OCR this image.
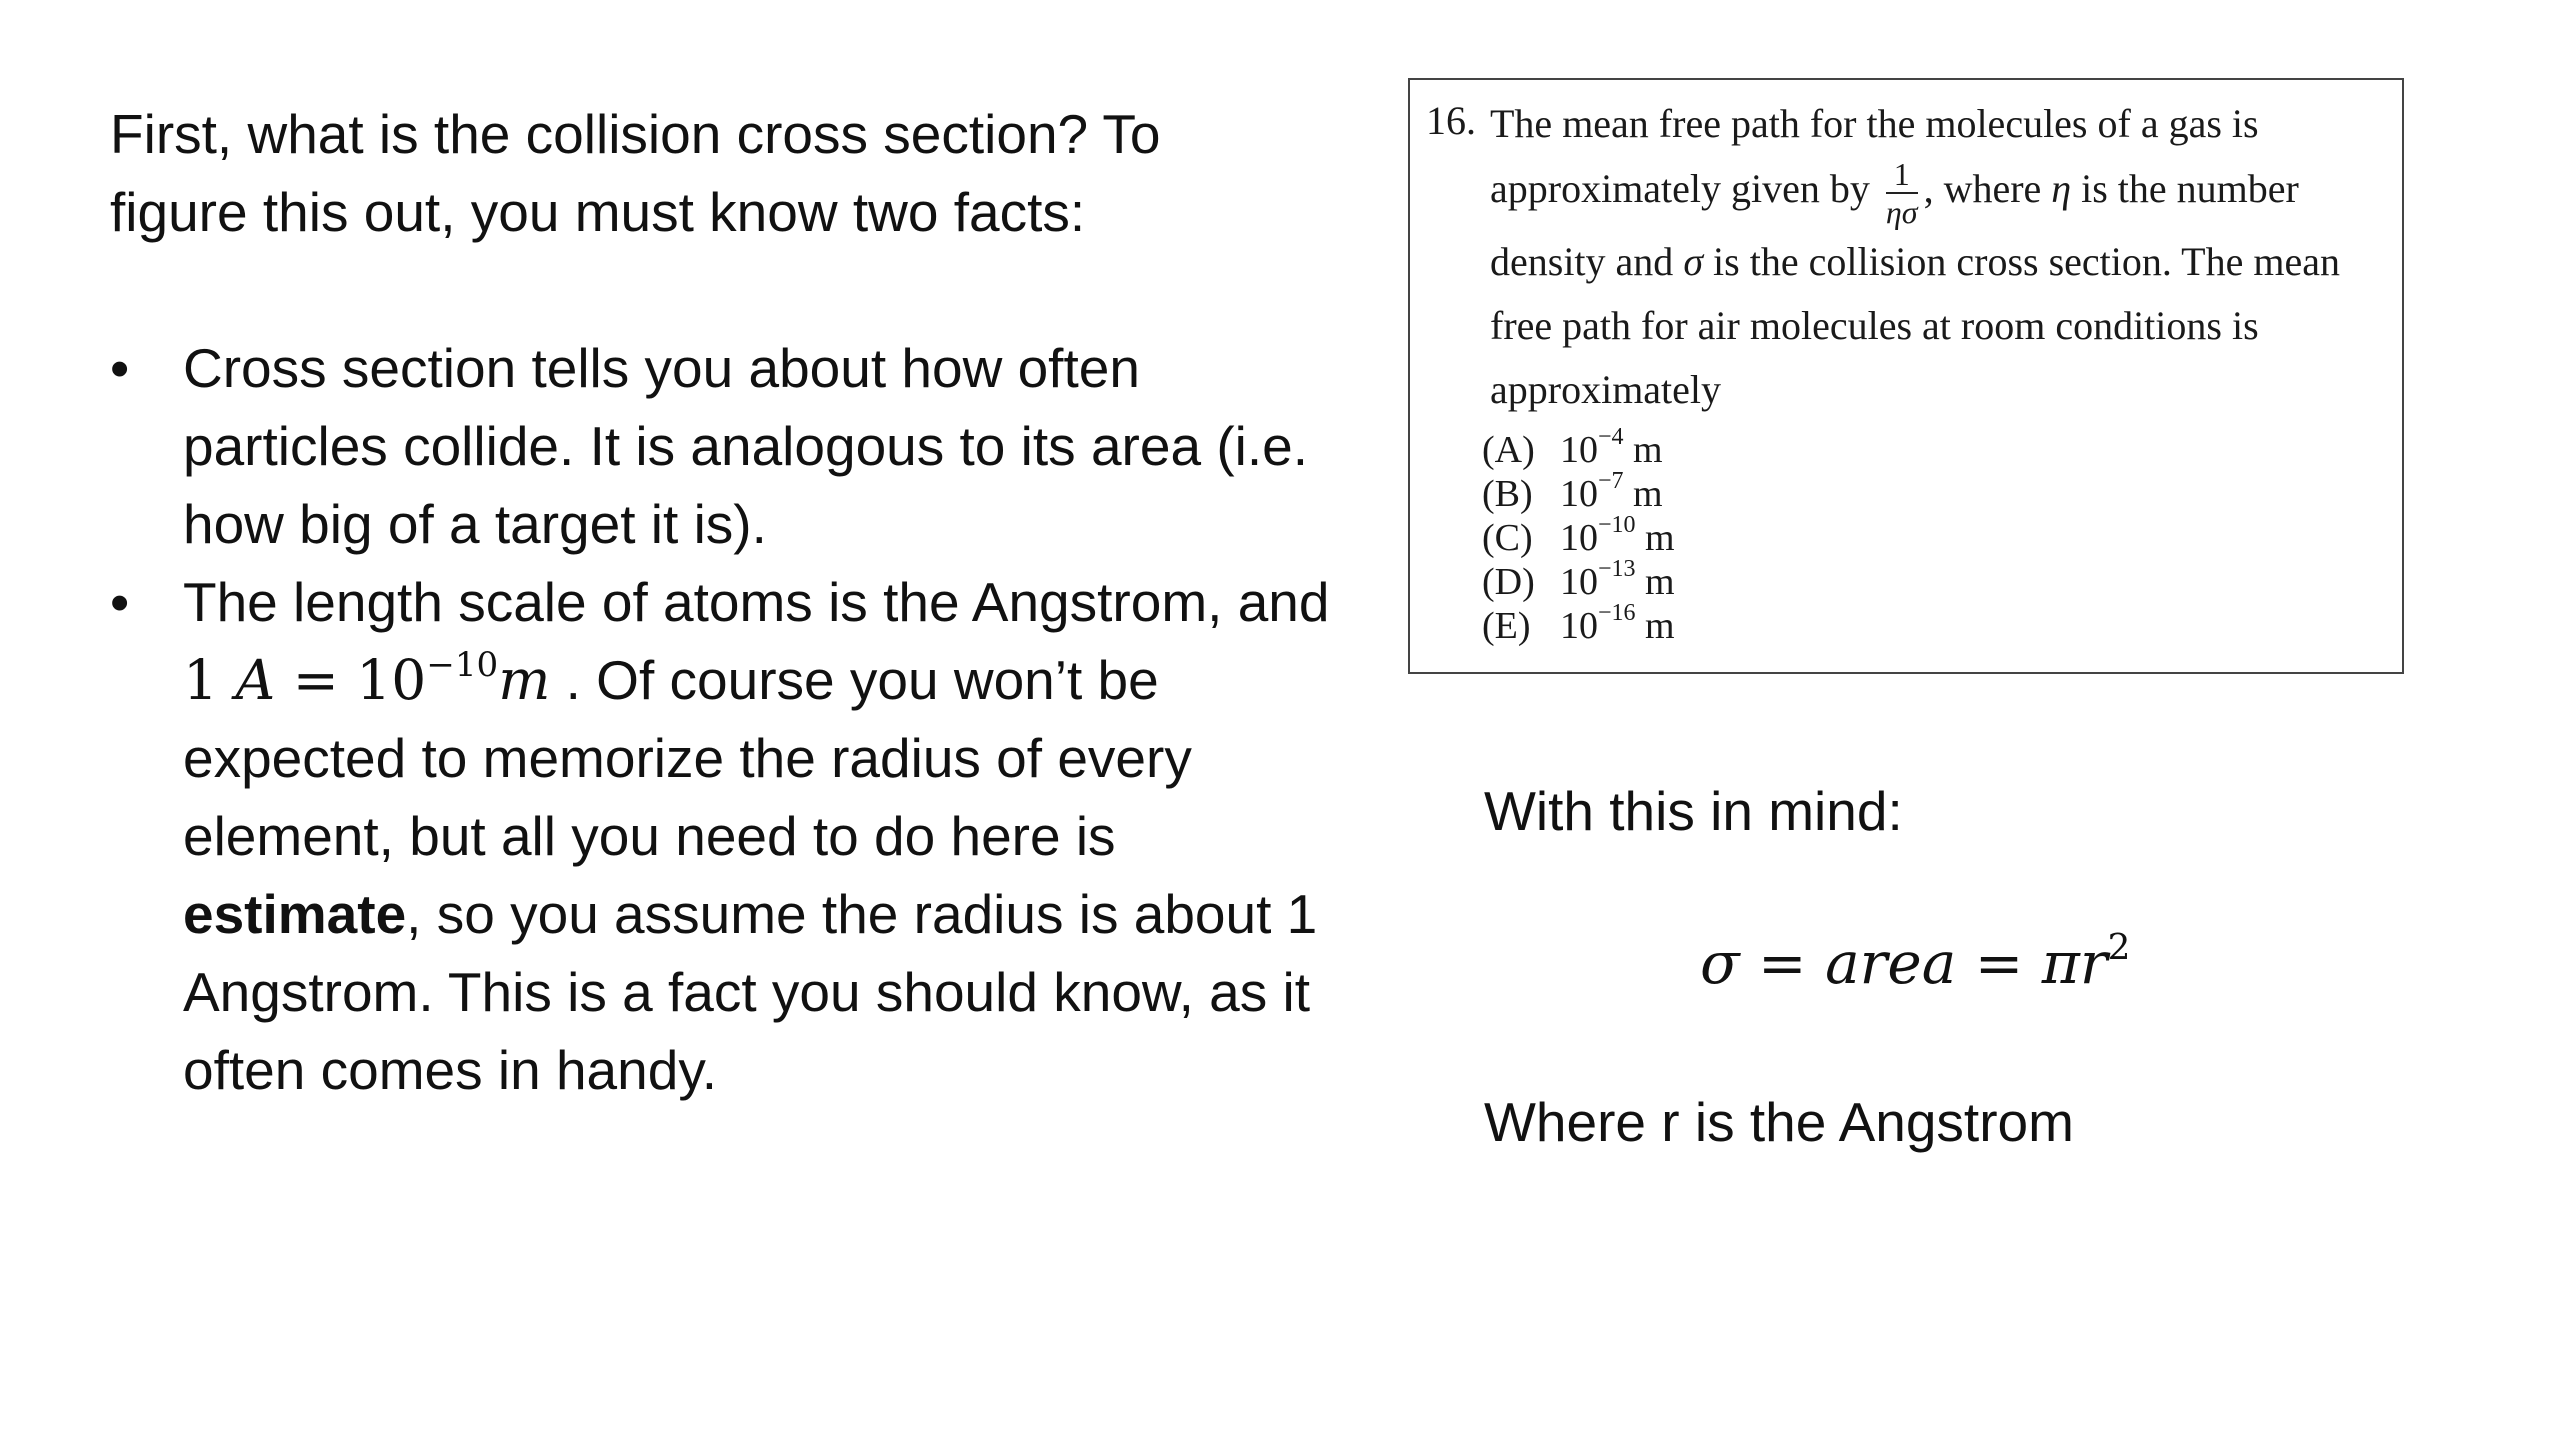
First, what is the collision cross section? To
figure this out, you must know two facts:

•
Cross section tells you about how often particles collide. It is analogous to its area (i.e. how big of a target it is).
•
The length scale of atoms is the Angstrom, and 1 $A = 10^{-10}m$ . Of course you won’t be expected to memorize the radius of every element, but all you need to do here is estimate, so you assume the radius is about 1 Angstrom. This is a fact you should know, as it often comes in handy.
16. The mean free path for the molecules of a gas is approximately given by $\frac{1}{\eta\sigma}$ , where η is the number density and σ is the collision cross section. The mean free path for air molecules at room conditions is approximately
(A) $10^{-4}$ m
(B) $10^{-7}$ m
(C) $10^{-10}$ m
(D) $10^{-13}$ m
(E) $10^{-16}$ m
With this in mind:
σ = area = $\pi r^2$
Where r is the Angstrom
